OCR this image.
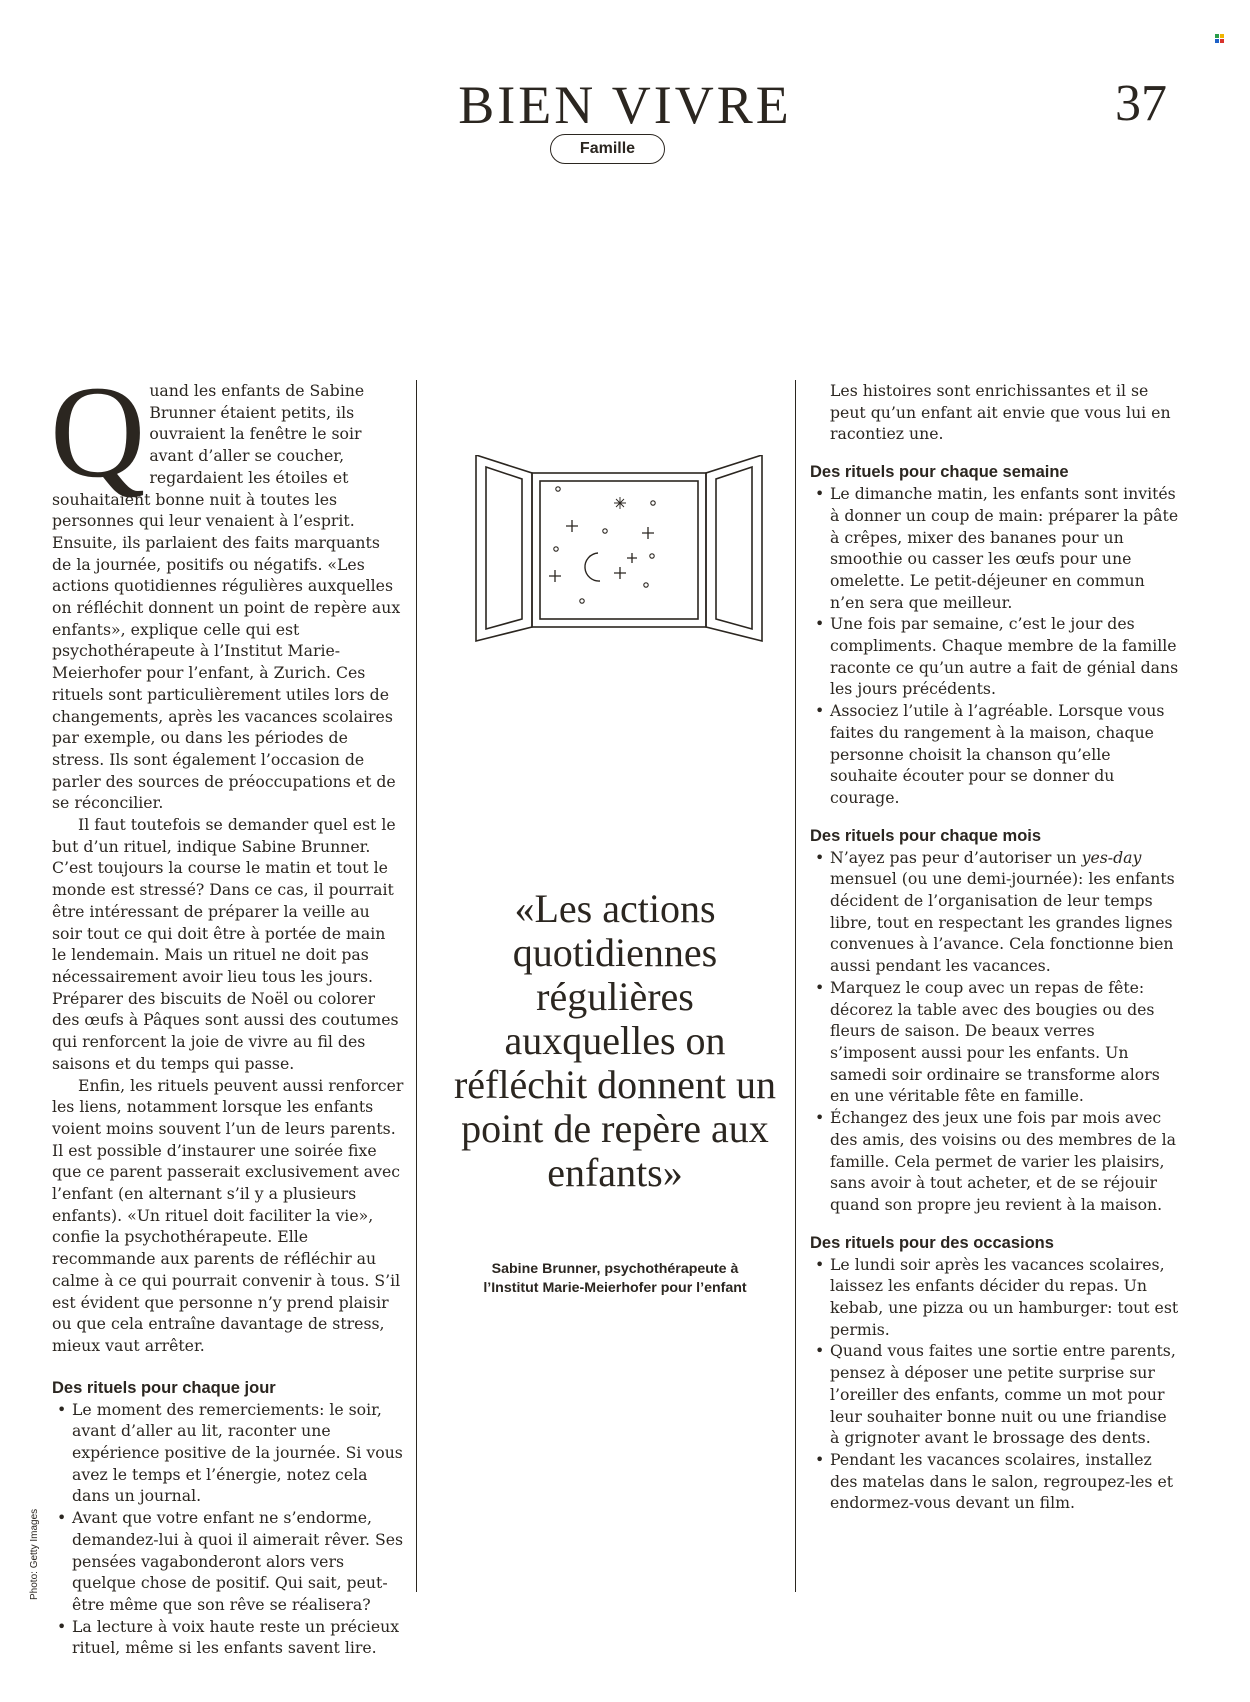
BIEN VIVRE	37
Famille
Photo: Getty Images
Q uand les enfants de Sabine Brunner étaient petits, ils ouvraient la fenêtre le soir avant d’aller se coucher, regardaient les étoiles et souhaitaient bonne nuit à toutes les personnes qui leur venaient à l’esprit. Ensuite, ils parlaient des faits marquants de la journée, positifs ou négatifs. «Les actions quotidiennes régulières auxquelles on réfléchit donnent un point de repère aux enfants», explique celle qui est psychothérapeute à l’Institut Marie-Meierhofer pour l’enfant, à Zurich. Ces rituels sont particulièrement utiles lors de changements, après les vacances scolaires par exemple, ou dans les périodes de stress. Ils sont également l’occasion de parler des sources de préoccupations et de se réconcilier.

Il faut toutefois se demander quel est le but d’un rituel, indique Sabine Brunner. C’est toujours la course le matin et tout le monde est stressé? Dans ce cas, il pourrait être intéressant de préparer la veille au soir tout ce qui doit être à portée de main le lendemain. Mais un rituel ne doit pas nécessairement avoir lieu tous les jours. Préparer des biscuits de Noël ou colorer des œufs à Pâques sont aussi des coutumes qui renforcent la joie de vivre au fil des saisons et du temps qui passe.

Enfin, les rituels peuvent aussi renforcer les liens, notamment lorsque les enfants voient moins souvent l’un de leurs parents. Il est possible d’instaurer une soirée fixe que ce parent passerait exclusivement avec l’enfant (en alternant s’il y a plusieurs enfants). «Un rituel doit faciliter la vie», confie la psychothérapeute. Elle recommande aux parents de réfléchir au calme à ce qui pourrait convenir à tous. S’il est évident que personne n’y prend plaisir ou que cela entraîne davantage de stress, mieux vaut arrêter.

Des rituels pour chaque jour
• Le moment des remerciements: le soir, avant d’aller au lit, raconter une expérience positive de la journée. Si vous avez le temps et l’énergie, notez cela dans un journal.
• Avant que votre enfant ne s’endorme, demandez-lui à quoi il aimerait rêver. Ses pensées vagabonderont alors vers quelque chose de positif. Qui sait, peut-être même que son rêve se réalisera?
• La lecture à voix haute reste un précieux rituel, même si les enfants savent lire.
«Les actions quotidiennes régulières auxquelles on réfléchit donnent un point de repère aux enfants»
Sabine Brunner, psychothérapeute à
l’Institut Marie-Meierhofer pour l’enfant

Les histoires sont enrichissantes et il se peut qu’un enfant ait envie que vous lui en racontiez une.

Des rituels pour chaque semaine
• Le dimanche matin, les enfants sont invités à donner un coup de main: préparer la pâte à crêpes, mixer des bananes pour un smoothie ou casser les œufs pour une omelette. Le petit-déjeuner en commun n’en sera que meilleur.
• Une fois par semaine, c’est le jour des compliments. Chaque membre de la famille raconte ce qu’un autre a fait de génial dans les jours précédents.
• Associez l’utile à l’agréable. Lorsque vous faites du rangement à la maison, chaque personne choisit la chanson qu’elle souhaite écouter pour se donner du courage.
Des rituels pour chaque mois
• N’ayez pas peur d’autoriser un yes-day mensuel (ou une demi-journée): les enfants décident de l’organisation de leur temps libre, tout en respectant les grandes lignes convenues à l’avance. Cela fonctionne bien aussi pendant les vacances.
• Marquez le coup avec un repas de fête: décorez la table avec des bougies ou des fleurs de saison. De beaux verres s’imposent aussi pour les enfants. Un samedi soir ordinaire se transforme alors en une véritable fête en famille.
• Échangez des jeux une fois par mois avec des amis, des voisins ou des membres de la famille. Cela permet de varier les plaisirs, sans avoir à tout acheter, et de se réjouir quand son propre jeu revient à la maison.
Des rituels pour des occasions
• Le lundi soir après les vacances scolaires, laissez les enfants décider du repas. Un kebab, une pizza ou un hamburger: tout est permis.
• Quand vous faites une sortie entre parents, pensez à déposer une petite surprise sur l’oreiller des enfants, comme un mot pour leur souhaiter bonne nuit ou une friandise à grignoter avant le brossage des dents.
• Pendant les vacances scolaires, installez des matelas dans le salon, regroupez-les et endormez-vous devant un film.
